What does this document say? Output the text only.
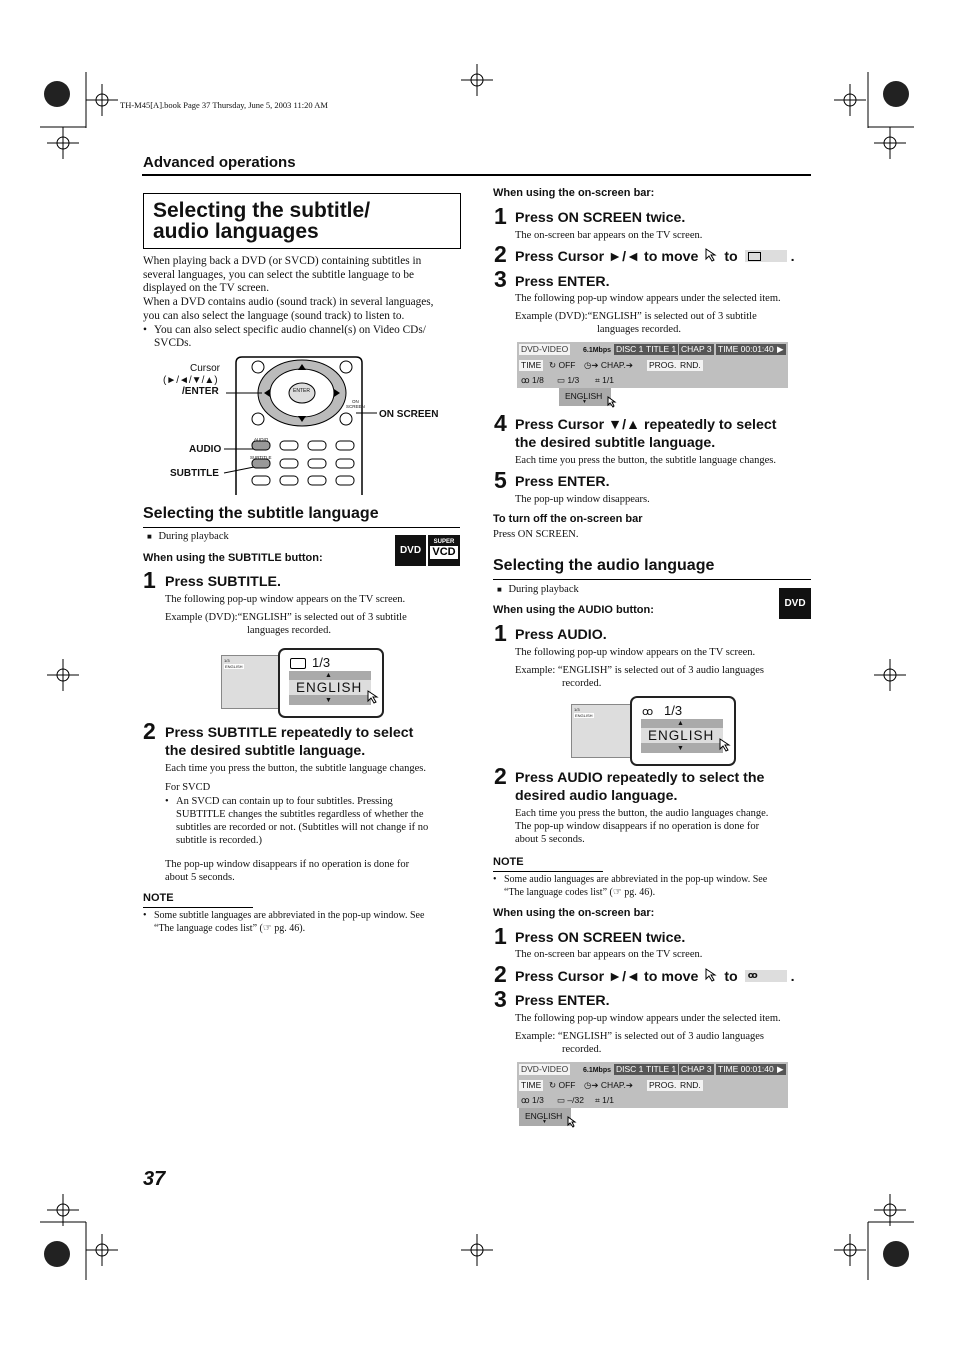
TH-M45[A].book Page 37 Thursday, June 5, 2003 11:20 AM
Advanced operations
Selecting the subtitle/
audio languages
When playing back a DVD (or SVCD) containing subtitles in
several languages, you can select the subtitle language to be
displayed on the TV screen.
When a DVD contains audio (sound track) in several languages,
you can also select the language (sound track) to listen to.
• You can also select specific audio channel(s) on Video CDs/
SVCDs.
ENTER
ON
SCREEN
AUDIO
SUBTITLE
Cursor
(►/◄/▼/▲)
/ENTER
ON SCREEN
AUDIO
SUBTITLE
Selecting the subtitle language
DVD
SUPER
VCD
■ During playback
When using the SUBTITLE button:
1 Press SUBTITLE.
The following pop-up window appears on the TV screen.
Example (DVD):“ENGLISH” is selected out of 3 subtitle
languages recorded.
1/3
ENGLISH	1/3
▲
ENGLISH
▼
2 Press SUBTITLE repeatedly to select
the desired subtitle language.
Each time you press the button, the subtitle language changes.
For SVCD
• An SVCD can contain up to four subtitles. Pressing
SUBTITLE changes the subtitles regardless of whether the
subtitles are recorded or not. (Subtitles will not change if no
subtitle is recorded.)
The pop-up window disappears if no operation is done for
about 5 seconds.
NOTE
• Some subtitle languages are abbreviated in the pop-up window. See
“The language codes list” (☞ pg. 46).
When using the on-screen bar:
1 Press ON SCREEN twice.
The on-screen bar appears on the TV screen.
2 Press Cursor ►/◄ to move to	.
3 Press ENTER.
The following pop-up window appears under the selected item.
Example (DVD):“ENGLISH” is selected out of 3 subtitle
languages recorded.
DVD-VIDEO 6.1Mbps DISC 1 TITLE 1 CHAP 3 TIME 00:01:40 ▶
TIME ↻ OFF ◷➔ CHAP.➔ PROG. RND.
ꝏ 1/8 ▭ 1/3 ⌗ 1/1
ENGLISH
▼
4 Press Cursor ▼/▲ repeatedly to select
the desired subtitle language.
Each time you press the button, the subtitle language changes.
5 Press ENTER.
The pop-up window disappears.
To turn off the on-screen bar
Press ON SCREEN.
Selecting the audio language
DVD
■ During playback
When using the AUDIO button:
1 Press AUDIO.
The following pop-up window appears on the TV screen.
Example: “ENGLISH” is selected out of 3 audio languages
recorded.
1/3
ENGLISH	ꝏ 1/3
▲
ENGLISH
▼
2 Press AUDIO repeatedly to select the
desired audio language.
Each time you press the button, the audio languages change.
The pop-up window disappears if no operation is done for
about 5 seconds.
NOTE
• Some audio languages are abbreviated in the pop-up window. See
“The language codes list” (☞ pg. 46).
When using the on-screen bar:
1 Press ON SCREEN twice.
The on-screen bar appears on the TV screen.
2 Press Cursor ►/◄ to move to ꝏ .
3 Press ENTER.
The following pop-up window appears under the selected item.
Example: “ENGLISH” is selected out of 3 audio languages
recorded.
DVD-VIDEO 6.1Mbps DISC 1 TITLE 1 CHAP 3 TIME 00:01:40 ▶
TIME ↻ OFF ◷➔ CHAP.➔ PROG. RND.
ꝏ 1/3 ▭ –/32 ⌗ 1/1
ENGLISH
▼
37
